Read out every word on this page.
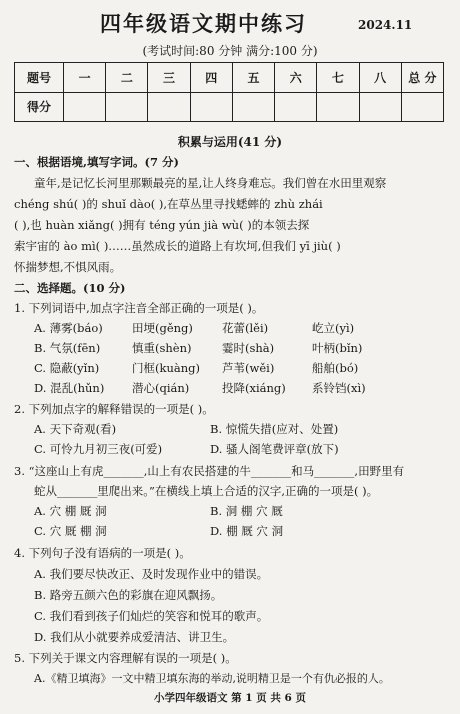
四年级语文期中练习	2024.11
(考试时间:80 分钟 满分:100 分)
题号	一	二	三	四	五	六	七	八	总 分
得分									
积累与运用(41 分)
一、根据语境,填写字词。(7 分)
童年,是记忆长河里那颗最亮的星,让人终身难忘。我们曾在水田里观察
chéng shú( )的 shuǐ dào( ),在草丛里寻找蟋蟀的 zhù zhái
( ),也 huàn xiǎng( )拥有 téng yún jià wù( )的本领去探
索宇宙的 ào mì( )……虽然成长的道路上有坎坷,但我们 yī jiù( )
怀揣梦想,不惧风雨。
二、选择题。(10 分)
1. 下列词语中,加点字注音全部正确的一项是( )。
A. 薄雾(báo)	田埂(gěng)	花蕾(lěi)	屹立(yì)
B. 气氛(fēn)	慎重(shèn)	霎时(shà)	叶柄(bǐn)
C. 隐蔽(yǐn)	门框(kuàng) 芦苇(wěi)	船舶(bó)
D. 混乱(hǔn) 潜心(qián)	投降(xiáng) 系铃铛(xì)
2. 下列加点字的解释错误的一项是( )。
A. 天下奇观(看)	B. 惊慌失措(应对、处置)
C. 可怜九月初三夜(可爱)	D. 骚人阁笔费评章(放下)
3. “这座山上有虎_______,山上有农民搭建的牛_______和马_______,田野里有
蛇从_______里爬出来。”在横线上填上合适的汉字,正确的一项是( )。
A. 穴 棚 厩 洞	B. 洞 棚 穴 厩
C. 穴 厩 棚 洞	D. 棚 厩 穴 洞
4. 下列句子没有语病的一项是( )。
A. 我们要尽快改正、及时发现作业中的错误。
B. 路旁五颜六色的彩旗在迎风飘扬。
C. 我们看到孩子们灿烂的笑容和悦耳的歌声。
D. 我们从小就要养成爱清洁、讲卫生。
5. 下列关于课文内容理解有误的一项是( )。
A.《精卫填海》一文中精卫填东海的举动,说明精卫是一个有仇必报的人。
小学四年级语文 第 1 页 共 6 页
